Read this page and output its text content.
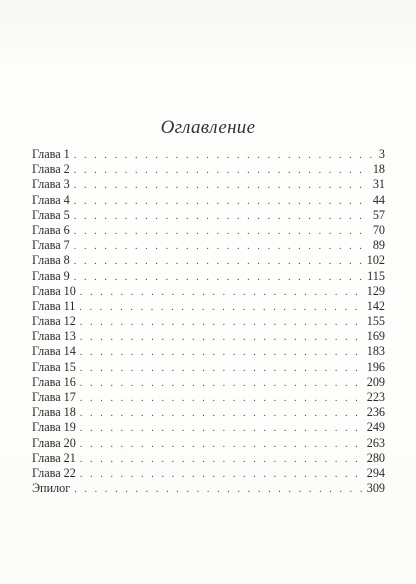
Оглавление
Глава 1 . . .	3
Глава 2 . . .	18
Глава 3 . . .	31
Глава 4 . . .	44
Глава 5 . . .	57
Глава 6 . . .	70
Глава 7 . . .	89
Глава 8 . . .	102
Глава 9 . . .	115
Глава 10 . . .	129
Глава 11 . . .	142
Глава 12 . . .	155
Глава 13 . . .	169
Глава 14 . . .	183
Глава 15 . . .	196
Глава 16 . . .	209
Глава 17 . . .	223
Глава 18 . . .	236
Глава 19 . . .	249
Глава 20 . . .	263
Глава 21 . . .	280
Глава 22 . . .	294
Эпилог . . .	309
